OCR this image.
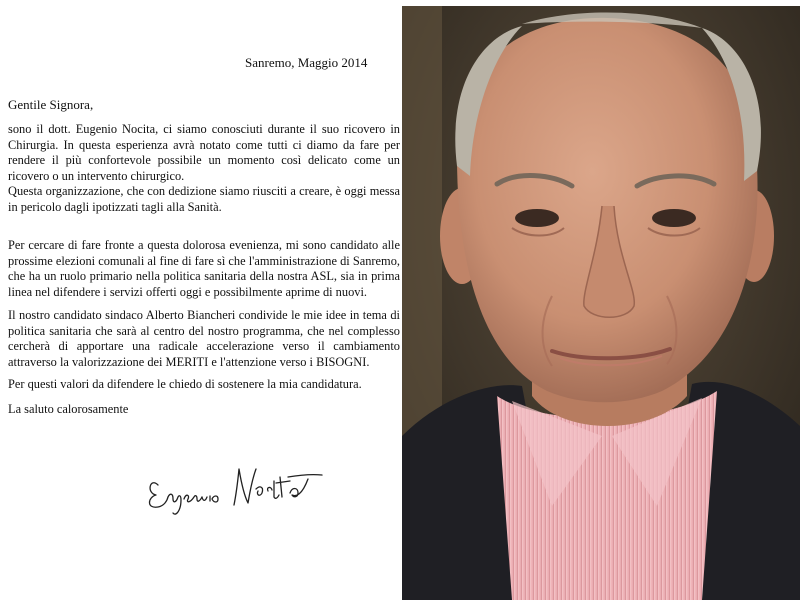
Sanremo, Maggio 2014
Gentile Signora,
sono il dott. Eugenio Nocita, ci siamo conosciuti durante il suo ricovero in Chirurgia. In questa esperienza avrà notato come tutti ci diamo da fare per rendere il più confortevole possibile un momento così delicato come un ricovero o un intervento chirurgico.
Questa organizzazione, che con dedizione siamo riusciti a creare, è oggi messa in pericolo dagli ipotizzati tagli alla Sanità.
Per cercare di fare fronte a questa dolorosa evenienza, mi sono candidato alle prossime elezioni comunali al fine di fare sì che l'amministrazione di Sanremo, che ha un ruolo primario nella politica sanitaria della nostra ASL, sia in prima linea nel difendere i servizi offerti oggi e possibilmente aprime di nuovi.
Il nostro candidato sindaco Alberto Biancheri condivide le mie idee in tema di politica sanitaria che sarà al centro del nostro programma, che nel complesso cercherà di apportare una radicale accelerazione verso il cambiamento attraverso la valorizzazione dei MERITI e l'attenzione verso i BISOGNI.
Per questi valori da difendere le chiedo di sostenere la mia candidatura.
La saluto calorosamente
